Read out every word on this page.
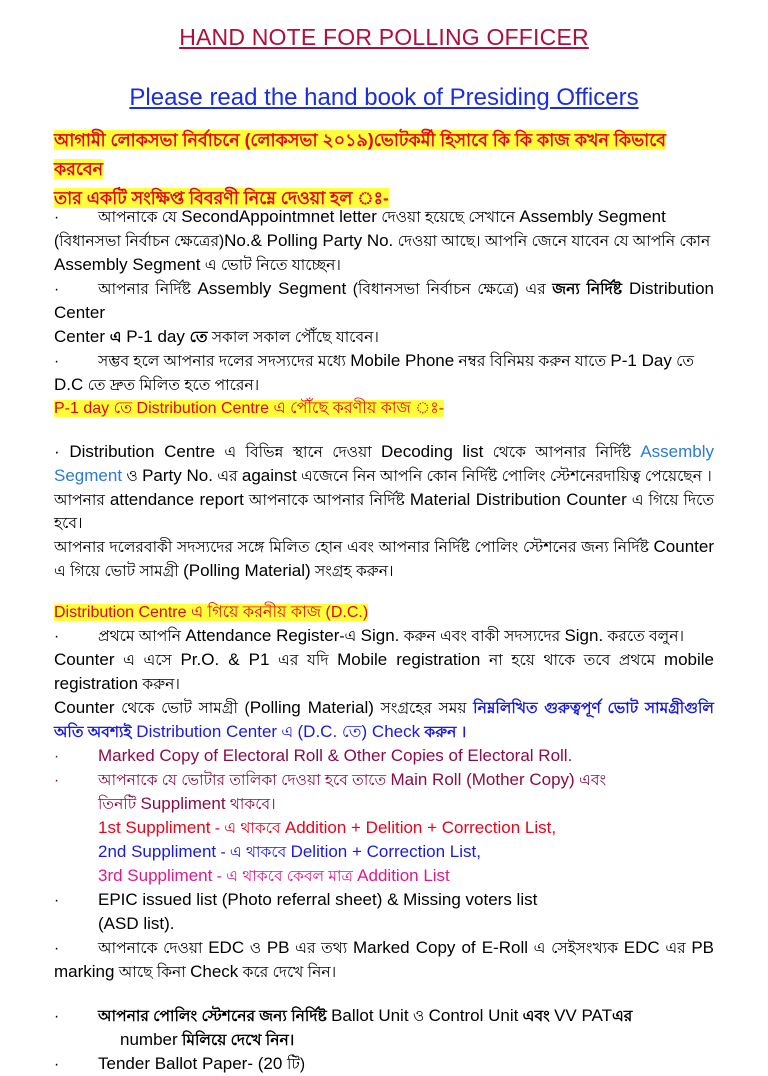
HAND NOTE FOR POLLING OFFICER
Please read the hand book of Presiding Officers
আগামী লোকসভা নির্বাচনে (লোকসভা ২০১৯)ভোটকর্মী হিসাবে কি কি কাজ কখন কিভাবে করবেন
তার একটি সংক্ষিপ্ত বিবরণী নিম্নে দেওয়া হল ঃ-

·	আপনাকে যে SecondAppointmnet letter দেওয়া হয়েছে সেখানে Assembly Segment
(বিধানসভা নির্বাচন ক্ষেত্রের)No.& Polling Party No. দেওয়া আছে। আপনি জেনে যাবেন যে আপনি কোন
Assembly Segment এ ভোট নিতে যাচ্ছেন।

·	আপনার নির্দিষ্ট Assembly Segment (বিধানসভা নির্বাচন ক্ষেত্রে) এর জন্য নির্দিষ্ট Distribution Center
Center এ P-1 day তে সকাল সকাল পৌঁছে যাবেন।

·	সম্ভব হলে আপনার দলের সদস্যদের মধ্যে Mobile Phone নম্বর বিনিময় করুন যাতে P-1 Day তে
D.C তে দ্রুত মিলিত হতে পারেন।

P-1 day তে Distribution Centre এ পৌঁছে করণীয় কাজ ঃ-

· Distribution Centre এ বিভিন্ন স্থানে দেওয়া Decoding list থেকে আপনার নির্দিষ্ট Assembly Segment ও Party No. এর against এজেনে নিন আপনি কোন নির্দিষ্ট পোলিং স্টেশনেরদায়িত্ব পেয়েছেন ।

আপনার attendance report আপনাকে আপনার নির্দিষ্ট Material Distribution Counter এ গিয়ে দিতে হবে।

আপনার দলেরবাকী সদস্যদের সঙ্গে মিলিত হোন এবং আপনার নির্দিষ্ট পোলিং স্টেশনের জন্য নির্দিষ্ট Counter এ গিয়ে ভোট সামগ্রী (Polling Material) সংগ্রহ করুন।

Distribution Centre এ গিয়ে করনীয় কাজ (D.C.)

·	প্রথমে আপনি Attendance Register-এ Sign. করুন এবং বাকী সদস্যদের Sign. করতে বলুন।

Counter এ এসে Pr.O. & P1 এর যদি Mobile registration না হয়ে থাকে তবে প্রথমে mobile registration করুন।

Counter থেকে ভোট সামগ্রী (Polling Material) সংগ্রহের সময় নিম্নলিখিত গুরুত্বপূর্ণ ভোট সামগ্রীগুলি অতি অবশ্যই Distribution Center এ (D.C. তে) Check করুন ।

· Marked Copy of Electoral Roll & Other Copies of Electoral Roll.

·	আপনাকে যে ভোটার তালিকা দেওয়া হবে তাতে Main Roll (Mother Copy) এবং

তিনটি Suppliment থাকবে।

1st Suppliment - এ থাকবে Addition + Delition + Correction List,

2nd Suppliment - এ থাকবে Delition + Correction List,

3rd Suppliment - এ থাকবে কেবল মাত্র Addition List

· EPIC issued list (Photo referral sheet) & Missing voters list
(ASD list).

·	আপনাকে দেওয়া EDC ও PB এর তথ্য Marked Copy of E-Roll এ সেইসংখ্যক EDC এর PB marking আছে কিনা Check করে দেখে নিন।

·	আপনার পোলিং স্টেশনের জন্য নির্দিষ্ট Ballot Unit ও Control Unit এবং VV PATএর
number মিলিয়ে দেখে নিন।

· Tender Ballot Paper- (20 টি)
